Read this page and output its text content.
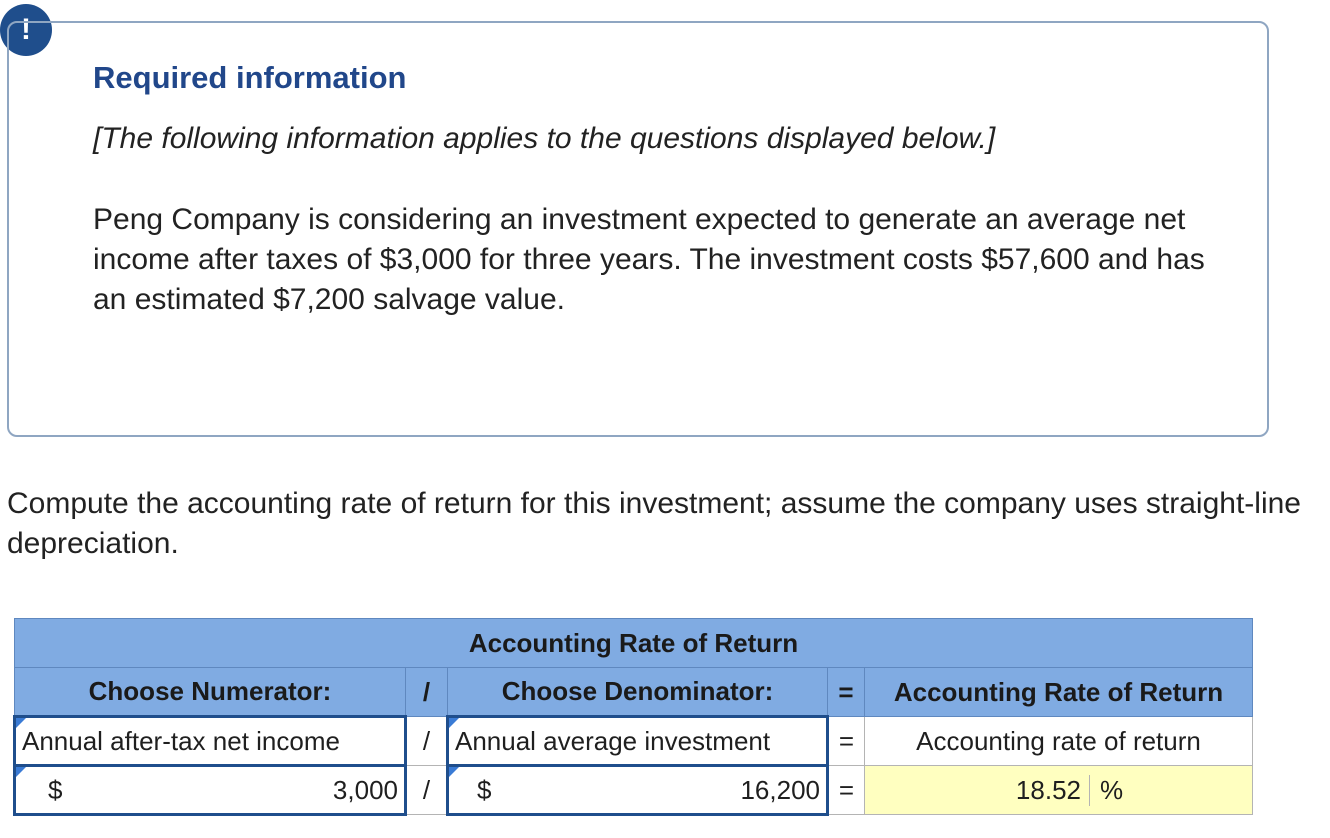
!
Required information
[The following information applies to the questions displayed below.]
Peng Company is considering an investment expected to generate an average net income after taxes of $3,000 for three years. The investment costs $57,600 and has an estimated $7,200 salvage value.
Compute the accounting rate of return for this investment; assume the company uses straight-line depreciation.
Accounting Rate of Return				
Choose Numerator:	/	Choose Denominator:	=	Accounting Rate of Return

Annual after-tax net income	/	Annual average investment	=	Accounting rate of return

$ 3,000	/	$ 16,200	=	18.52 %
